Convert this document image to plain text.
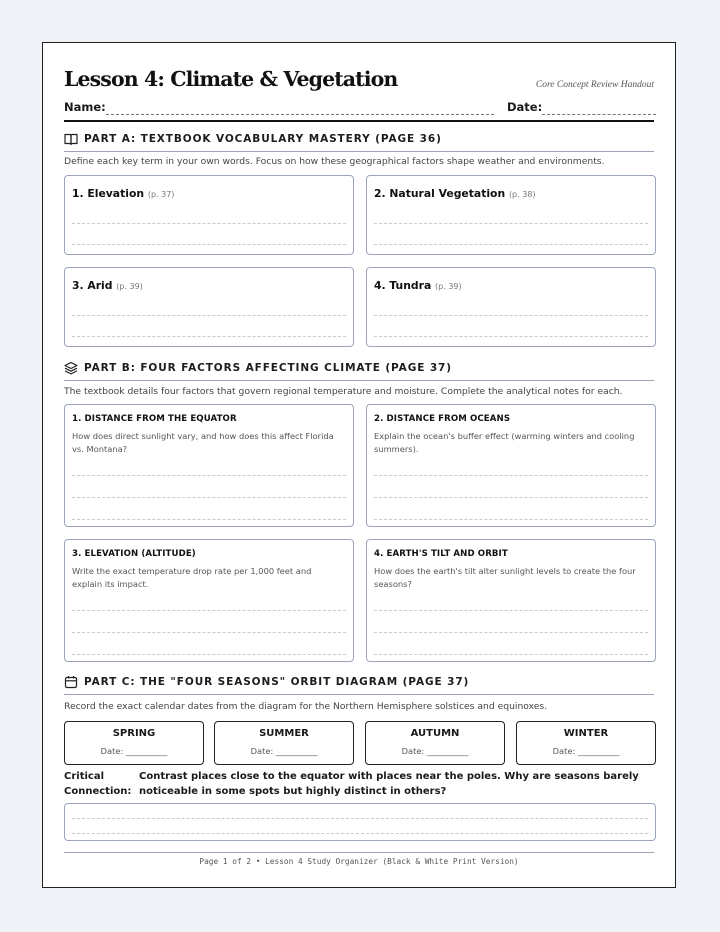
Lesson 4: Climate & Vegetation	Core Concept Review Handout
Name:	Date:
PART A: TEXTBOOK VOCABULARY MASTERY (PAGE 36)
Define each key term in your own words. Focus on how these geographical factors shape weather and environments.
1. Elevation (p. 37)	2. Natural Vegetation (p. 38)
3. Arid (p. 39)	4. Tundra (p. 39)
PART B: FOUR FACTORS AFFECTING CLIMATE (PAGE 37)
The textbook details four factors that govern regional temperature and moisture. Complete the analytical notes for each.
1. DISTANCE FROM THE EQUATOR
How does direct sunlight vary, and how does this affect Florida vs. Montana?
2. DISTANCE FROM OCEANS
Explain the ocean's buffer effect (warming winters and cooling summers).
3. ELEVATION (ALTITUDE)
Write the exact temperature drop rate per 1,000 feet and explain its impact.
4. EARTH'S TILT AND ORBIT
How does the earth's tilt alter sunlight levels to create the four seasons?
PART C: THE "FOUR SEASONS" ORBIT DIAGRAM (PAGE 37)
Record the exact calendar dates from the diagram for the Northern Hemisphere solstices and equinoxes.
SPRING
Date: __________
SUMMER
Date: __________
AUTUMN
Date: __________
WINTER
Date: __________
Critical Connection:
Contrast places close to the equator with places near the poles. Why are seasons barely noticeable in some spots but highly distinct in others?
Page 1 of 2 • Lesson 4 Study Organizer (Black & White Print Version)
